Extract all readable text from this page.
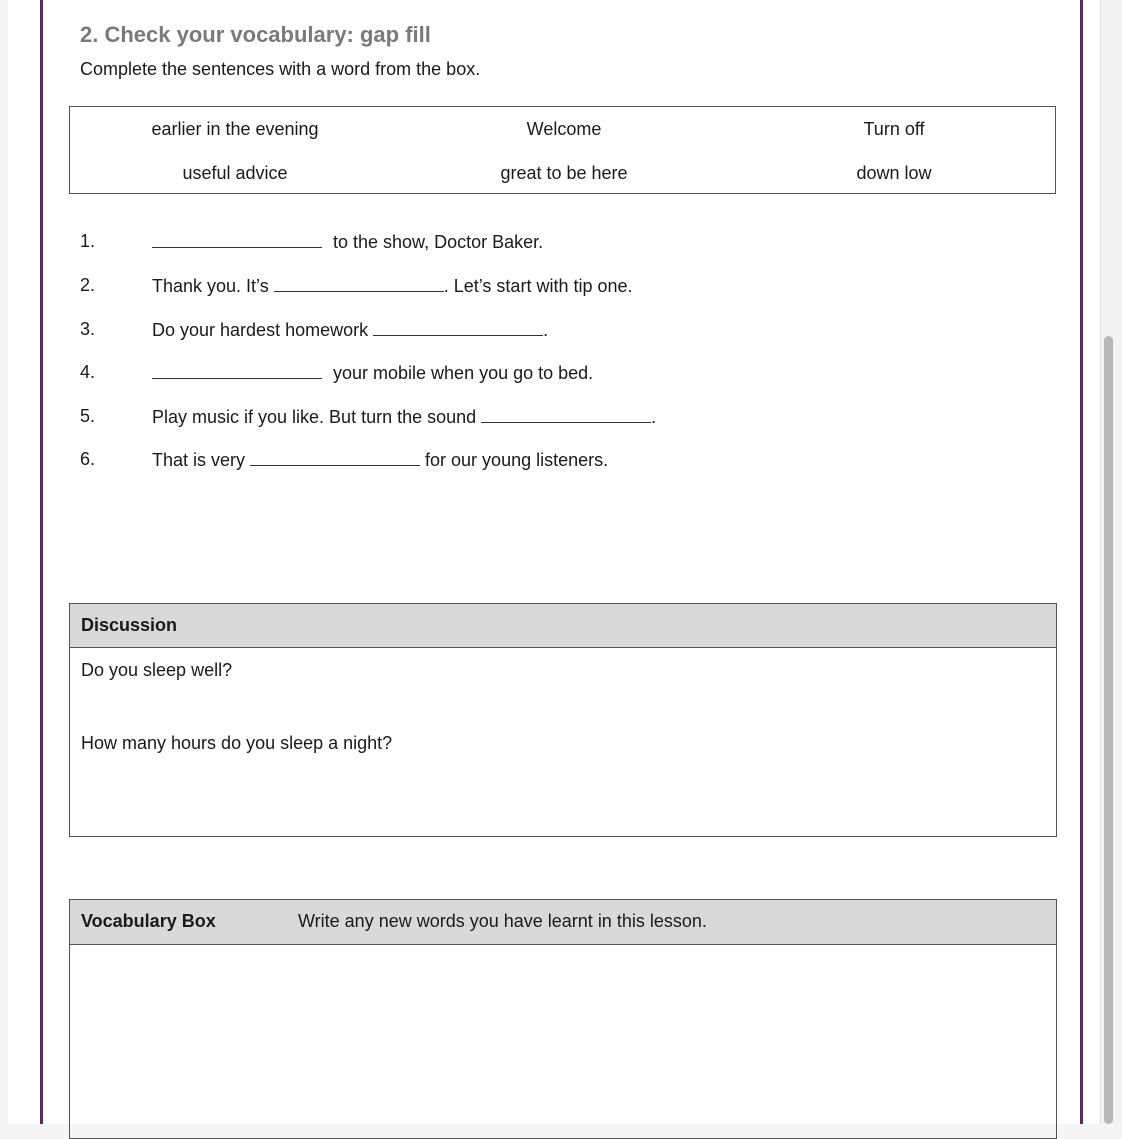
2. Check your vocabulary: gap fill
Complete the sentences with a word from the box.
earlier in the evening	Welcome	Turn off
useful advice	great to be here	down low
1.	to the show, Doctor Baker.
2.	Thank you. It’s	. Let’s start with tip one.
3.	Do your hardest homework	.
4.	your mobile when you go to bed.
5.	Play music if you like. But turn the sound	.
6.	That is very	for our young listeners.
Discussion
Do you sleep well?
How many hours do you sleep a night?
Vocabulary Box	Write any new words you have learnt in this lesson.
